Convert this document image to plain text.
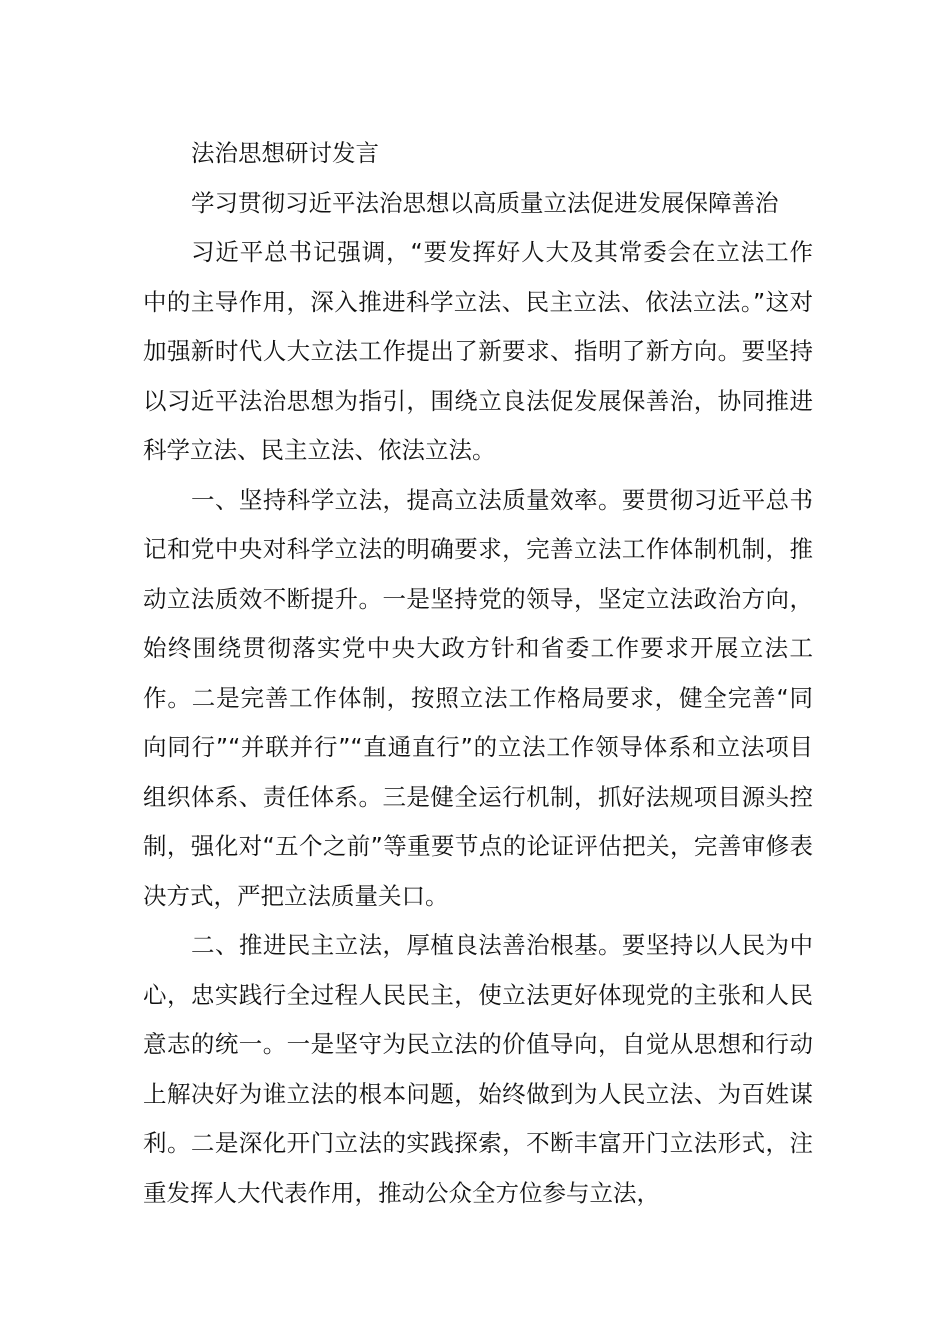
法治思想研讨发言

学习贯彻习近平法治思想以高质量立法促进发展保障善治

习近平总书记强调，“要发挥好人大及其常委会在立法工作中的主导作用，深入推进科学立法、民主立法、依法立法。”这对加强新时代人大立法工作提出了新要求、指明了新方向。要坚持以习近平法治思想为指引，围绕立良法促发展保善治，协同推进科学立法、民主立法、依法立法。

一、坚持科学立法，提高立法质量效率。要贯彻习近平总书记和党中央对科学立法的明确要求，完善立法工作体制机制，推动立法质效不断提升。一是坚持党的领导，坚定立法政治方向，始终围绕贯彻落实党中央大政方针和省委工作要求开展立法工作。二是完善工作体制，按照立法工作格局要求，健全完善“同向同行”“并联并行”“直通直行”的立法工作领导体系和立法项目组织体系、责任体系。三是健全运行机制，抓好法规项目源头控制，强化对“五个之前”等重要节点的论证评估把关，完善审修表决方式，严把立法质量关口。

二、推进民主立法，厚植良法善治根基。要坚持以人民为中心，忠实践行全过程人民民主，使立法更好体现党的主张和人民意志的统一。一是坚守为民立法的价值导向，自觉从思想和行动上解决好为谁立法的根本问题，始终做到为人民立法、为百姓谋利。二是深化开门立法的实践探索，不断丰富开门立法形式，注重发挥人大代表作用，推动公众全方位参与立法，
